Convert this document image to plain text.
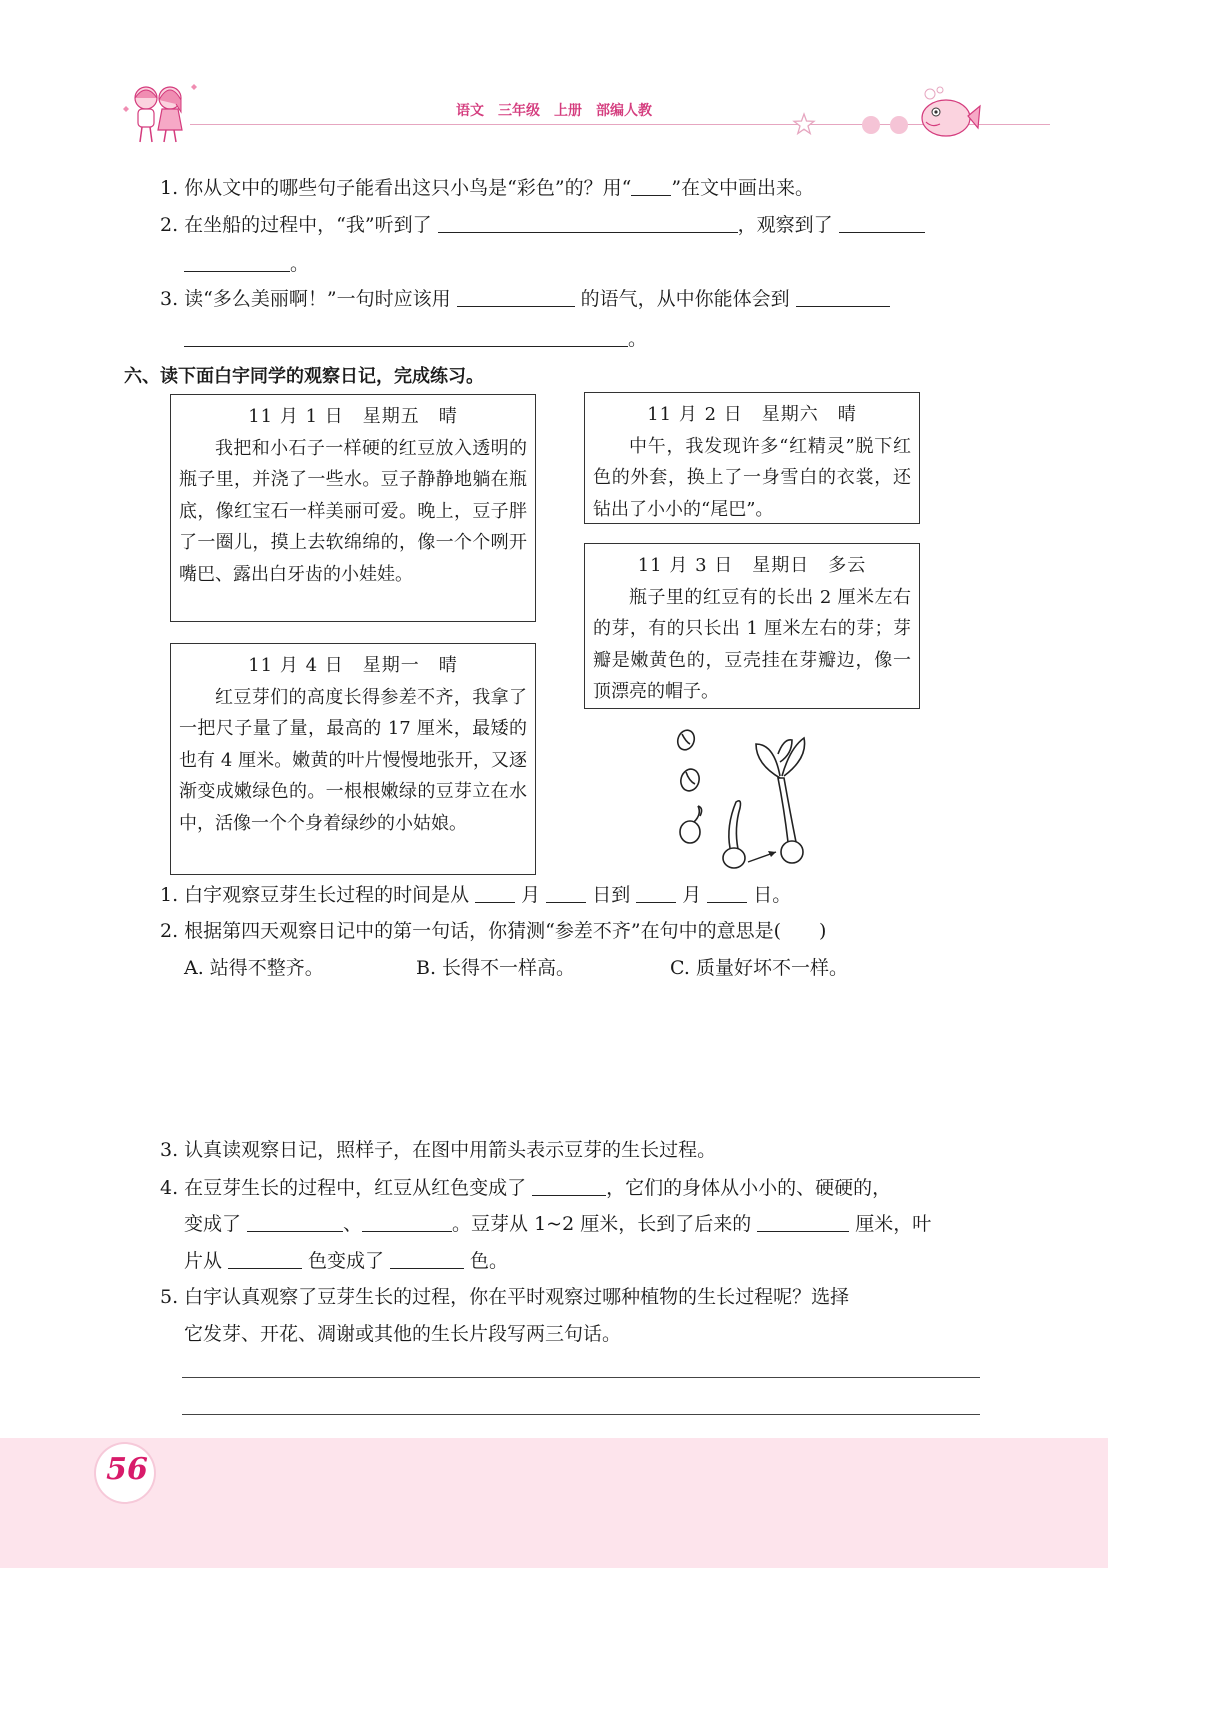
语文　三年级　上册　部编人教
1. 你从文中的哪些句子能看出这只小鸟是“彩色”的？用“ ”在文中画出来。
2. 在坐船的过程中，“我”听到了	，观察到了
。
3. 读“多么美丽啊！”一句时应该用	的语气，从中你能体会到
。
六、读下面白宇同学的观察日记，完成练习。
11 月 1 日　星期五　晴
我把和小石子一样硬的红豆放入透明的瓶子里，并浇了一些水。豆子静静地躺在瓶底，像红宝石一样美丽可爱。晚上，豆子胖了一圈儿，摸上去软绵绵的，像一个个咧开嘴巴、露出白牙齿的小娃娃。
11 月 2 日　星期六　晴
中午，我发现许多“红精灵”脱下红色的外套，换上了一身雪白的衣裳，还钻出了小小的“尾巴”。
11 月 3 日　星期日　多云
瓶子里的红豆有的长出 2 厘米左右的芽，有的只长出 1 厘米左右的芽；芽瓣是嫩黄色的，豆壳挂在芽瓣边，像一顶漂亮的帽子。
11 月 4 日　星期一　晴
红豆芽们的高度长得参差不齐，我拿了一把尺子量了量，最高的 17 厘米，最矮的也有 4 厘米。嫩黄的叶片慢慢地张开，又逐渐变成嫩绿色的。一根根嫩绿的豆芽立在水中，活像一个个身着绿纱的小姑娘。
1. 白宇观察豆芽生长过程的时间是从	月	日到	月	日。
2. 根据第四天观察日记中的第一句话，你猜测“参差不齐”在句中的意思是(　　)
A. 站得不整齐。	B. 长得不一样高。	C. 质量好坏不一样。
3. 认真读观察日记，照样子，在图中用箭头表示豆芽的生长过程。
4. 在豆芽生长的过程中，红豆从红色变成了	，它们的身体从小小的、硬硬的，
变成了	、	。豆芽从 1~2 厘米，长到了后来的	厘米，叶
片从	色变成了	色。
5. 白宇认真观察了豆芽生长的过程，你在平时观察过哪种植物的生长过程呢？选择
它发芽、开花、凋谢或其他的生长片段写两三句话。
56
